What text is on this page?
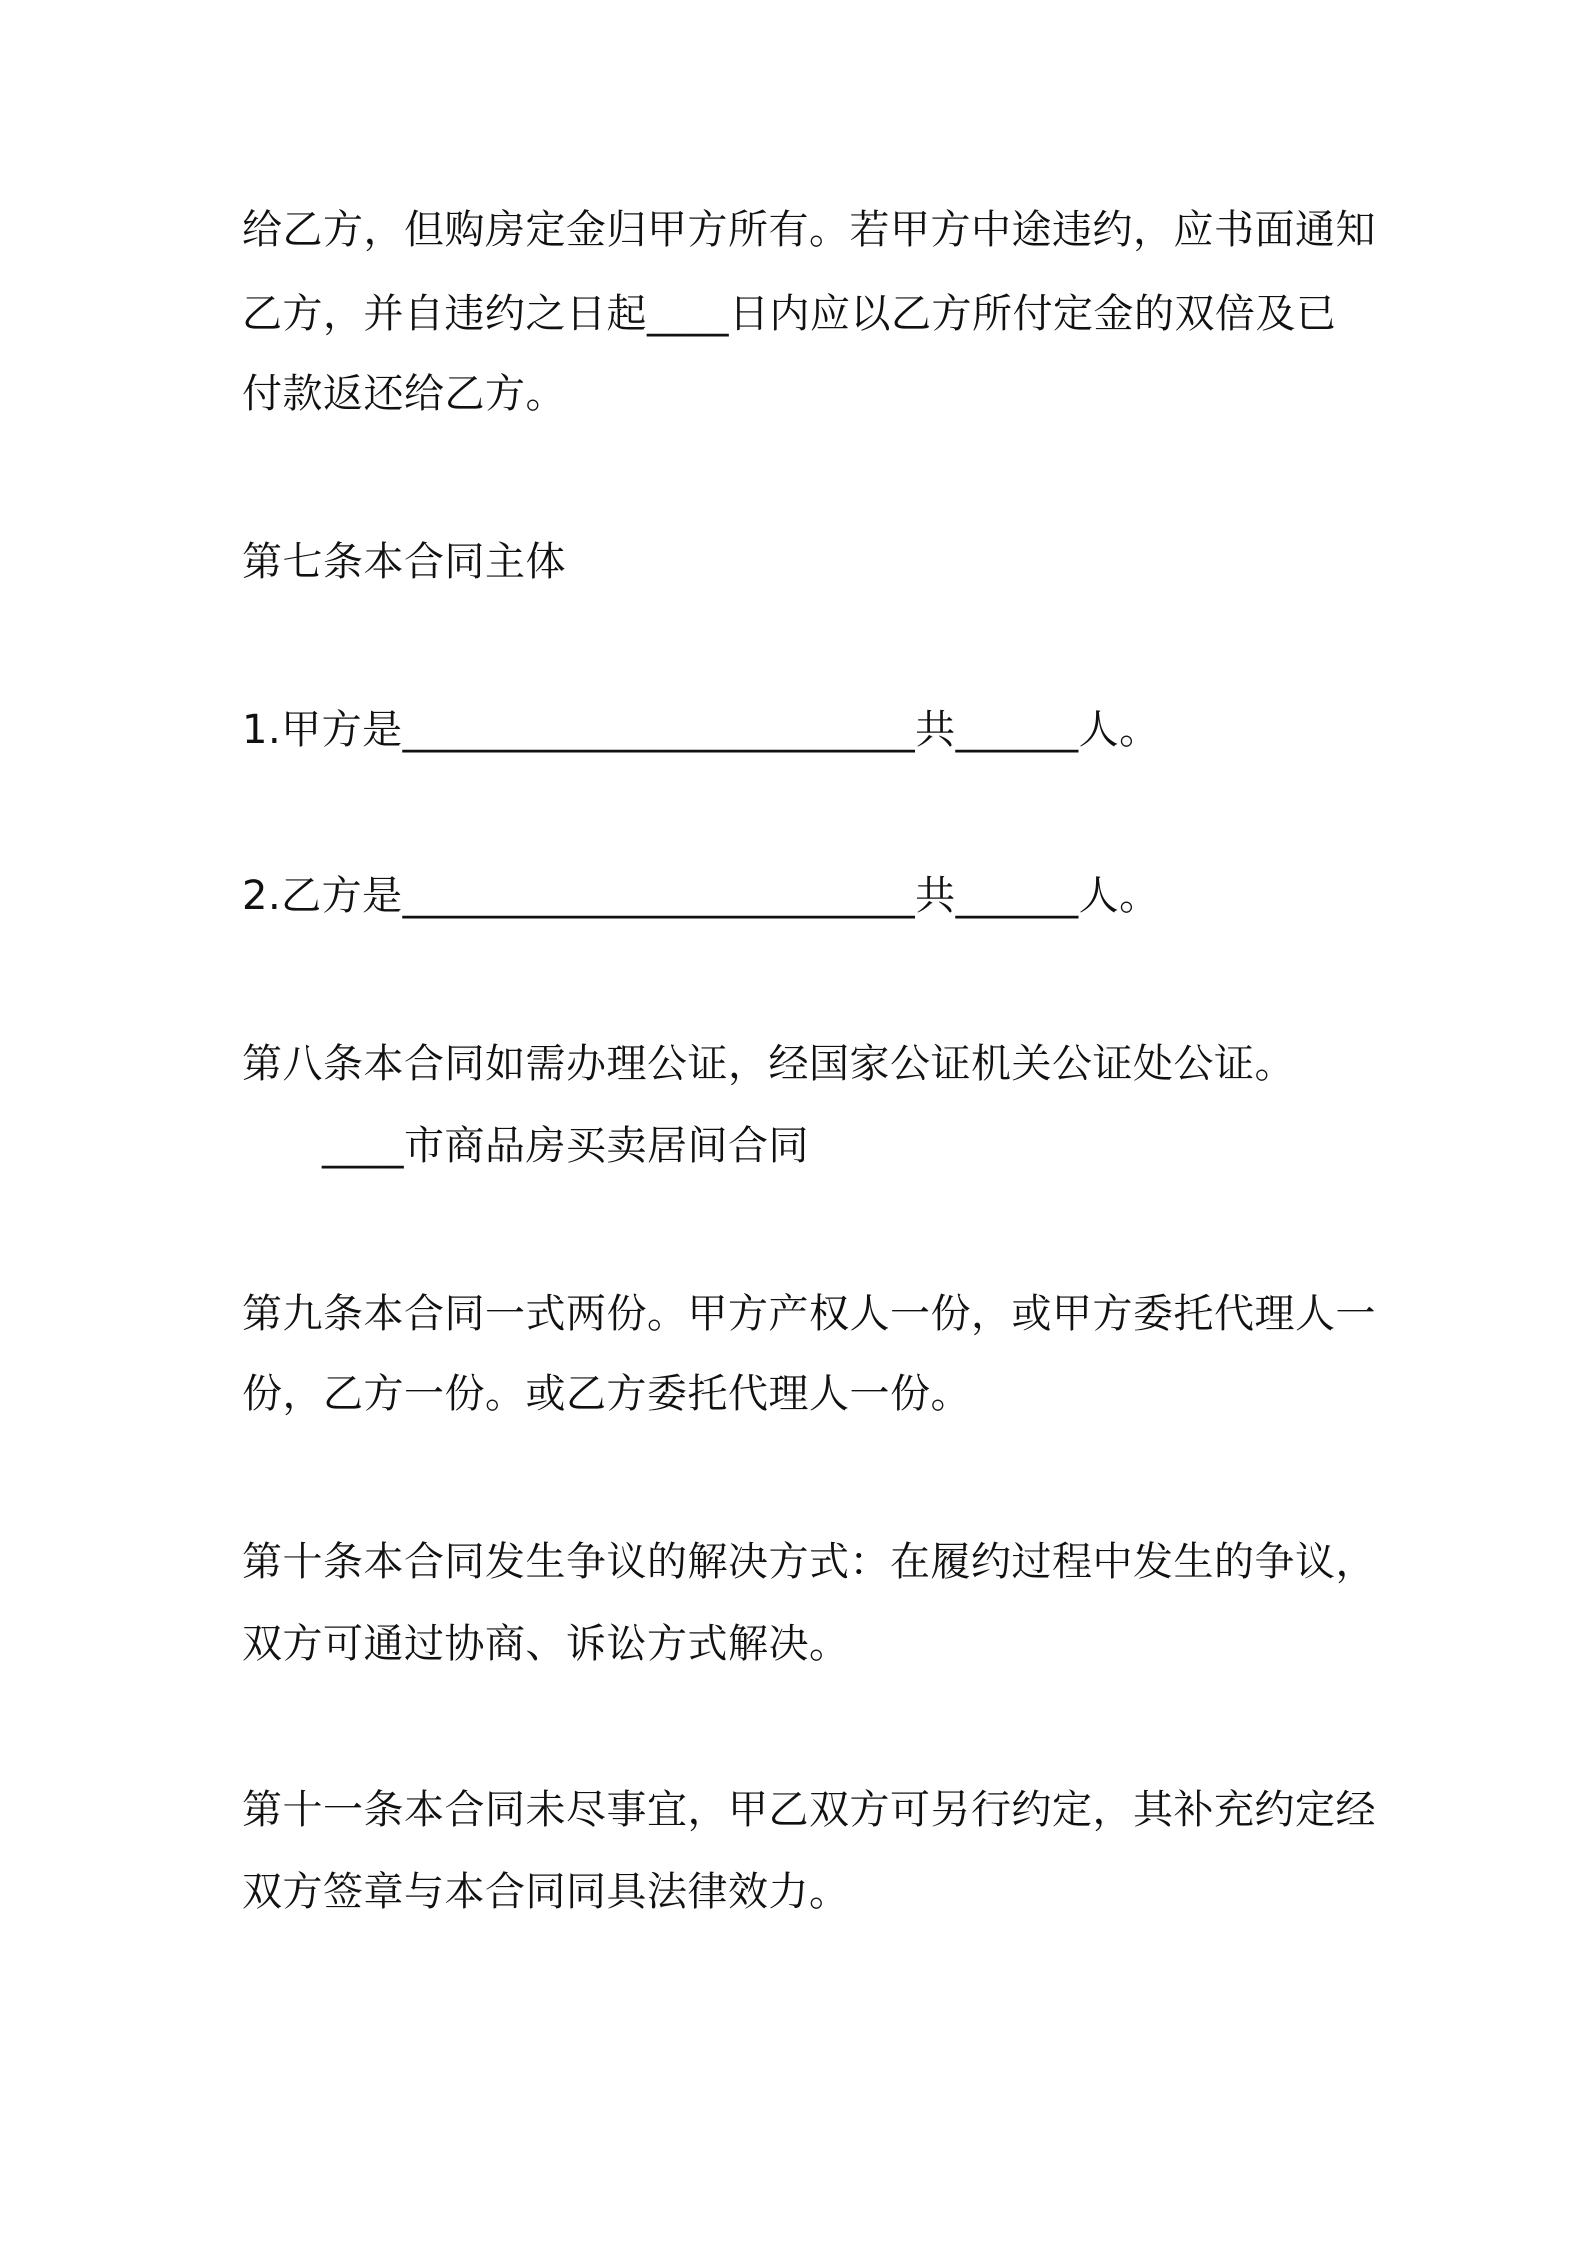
给乙方，但购房定金归甲方所有。若甲方中途违约，应书面通知
乙方，并自违约之日起____日内应以乙方所付定金的双倍及已
付款返还给乙方。
第七条本合同主体
1.甲方是_________________________共______人。
2.乙方是_________________________共______人。
第八条本合同如需办理公证，经国家公证机关公证处公证。
____市商品房买卖居间合同
第九条本合同一式两份。甲方产权人一份，或甲方委托代理人一
份，乙方一份。或乙方委托代理人一份。
第十条本合同发生争议的解决方式：在履约过程中发生的争议，
双方可通过协商、诉讼方式解决。
第十一条本合同未尽事宜，甲乙双方可另行约定，其补充约定经
双方签章与本合同同具法律效力。
